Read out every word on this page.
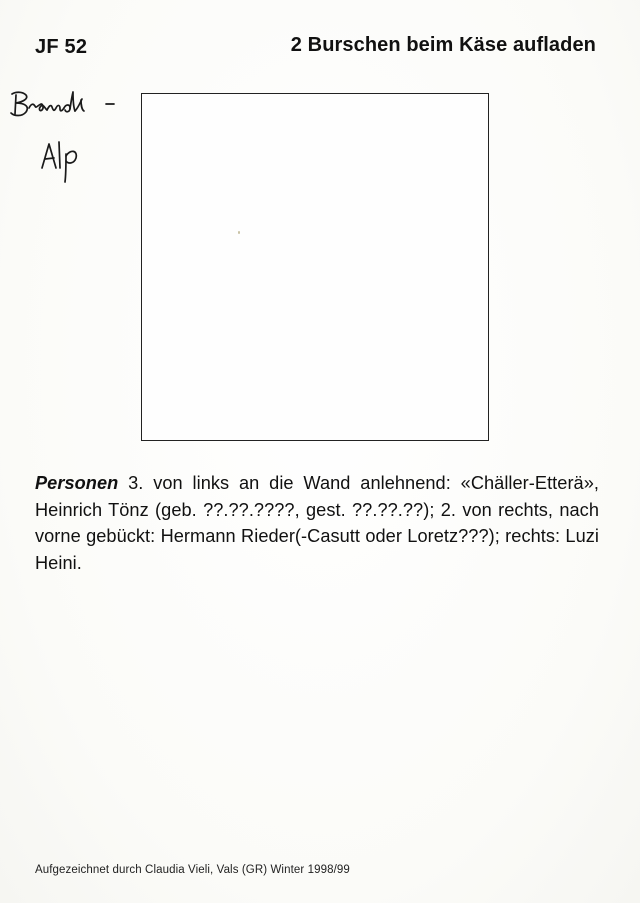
JF 52	2 Burschen beim Käse aufladen
Personen 3. von links an die Wand anlehnend: «Chäller-Etterä», Heinrich Tönz (geb. ??.??.????, gest. ??.??.??); 2. von rechts, nach vorne gebückt: Hermann Rieder(-Casutt oder Loretz???); rechts: Luzi Heini.
Aufgezeichnet durch Claudia Vieli, Vals (GR) Winter 1998/99
